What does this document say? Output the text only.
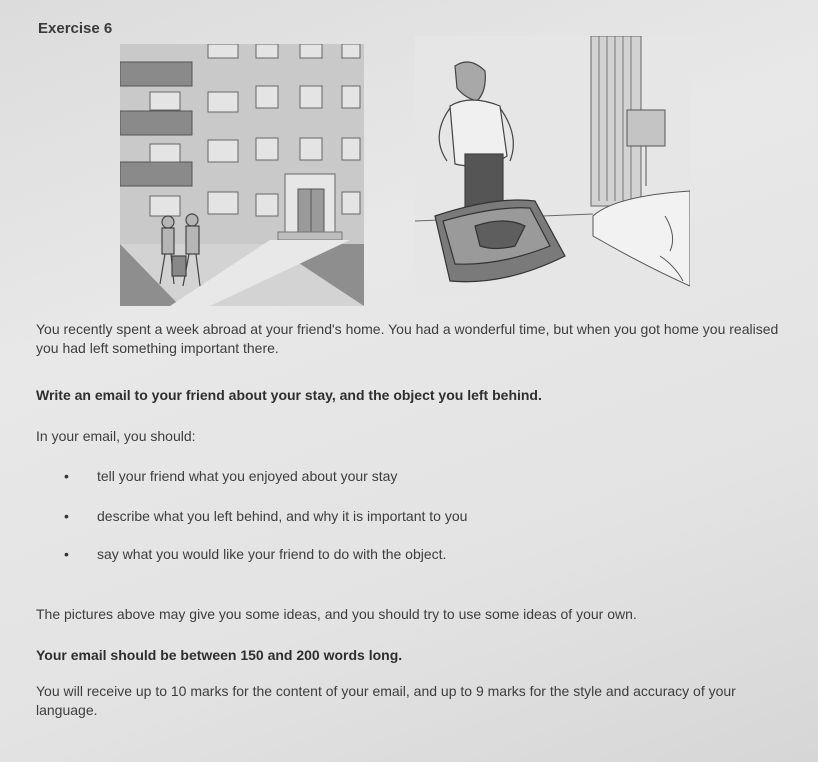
Exercise 6
You recently spent a week abroad at your friend's home. You had a wonderful time, but when you got home you realised you had left something important there.
Write an email to your friend about your stay, and the object you left behind.
In your email, you should:
• tell your friend what you enjoyed about your stay
• describe what you left behind, and why it is important to you
• say what you would like your friend to do with the object.
The pictures above may give you some ideas, and you should try to use some ideas of your own.
Your email should be between 150 and 200 words long.
You will receive up to 10 marks for the content of your email, and up to 9 marks for the style and accuracy of your language.
